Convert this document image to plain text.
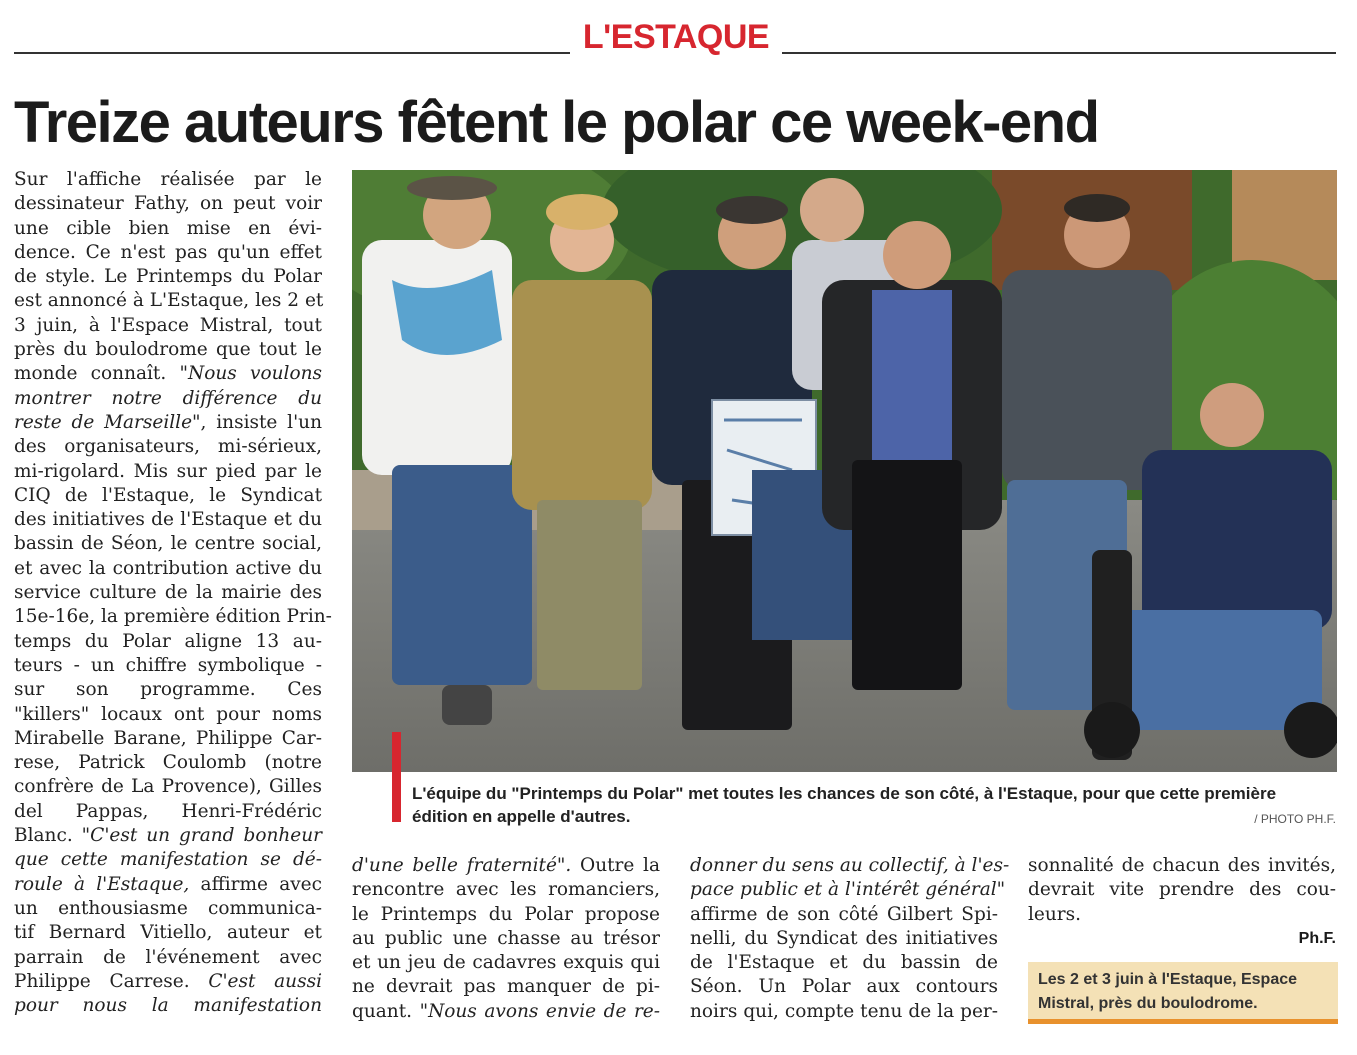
L'ESTAQUE
Treize auteurs fêtent le polar ce week-end
Sur l'affiche réalisée par le
dessinateur Fathy, on peut voir
une cible bien mise en évi-
dence. Ce n'est pas qu'un effet
de style. Le Printemps du Polar
est annoncé à L'Estaque, les 2 et
3 juin, à l'Espace Mistral, tout
près du boulodrome que tout le
monde connaît. "Nous voulons
montrer notre différence du
reste de Marseille", insiste l'un
des organisateurs, mi-sérieux,
mi-rigolard. Mis sur pied par le
CIQ de l'Estaque, le Syndicat
des initiatives de l'Estaque et du
bassin de Séon, le centre social,
et avec la contribution active du
service culture de la mairie des
15e-16e, la première édition Prin-
temps du Polar aligne 13 au-
teurs - un chiffre symbolique -
sur son programme. Ces
"killers" locaux ont pour noms
Mirabelle Barane, Philippe Car-
rese, Patrick Coulomb (notre
confrère de La Provence), Gilles
del Pappas, Henri-Frédéric
Blanc. "C'est un grand bonheur
que cette manifestation se dé-
roule à l'Estaque, affirme avec
un enthousiasme communica-
tif Bernard Vitiello, auteur et
parrain de l'événement avec
Philippe Carrese. C'est aussi
pour nous la manifestation
d'une belle fraternité". Outre la
rencontre avec les romanciers,
le Printemps du Polar propose
au public une chasse au trésor
et un jeu de cadavres exquis qui
ne devrait pas manquer de pi-
quant. "Nous avons envie de re-
donner du sens au collectif, à l'es-
pace public et à l'intérêt général"
affirme de son côté Gilbert Spi-
nelli, du Syndicat des initiatives
de l'Estaque et du bassin de
Séon. Un Polar aux contours
noirs qui, compte tenu de la per-
sonnalité de chacun des invités,
devrait vite prendre des cou-
leurs.
L'équipe du "Printemps du Polar" met toutes les chances de son côté, à l'Estaque, pour que cette première édition en appelle d'autres.	/ PHOTO PH.F.
Ph.F.
Les 2 et 3 juin à l'Estaque, Espace Mistral, près du boulodrome.
